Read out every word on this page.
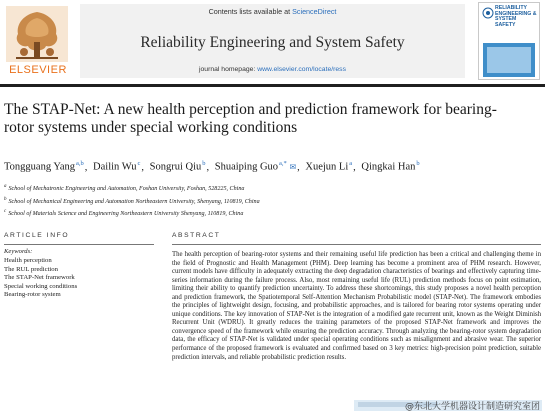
ELSEVIER
Contents lists available at ScienceDirect
Reliability Engineering and System Safety
journal homepage: www.elsevier.com/locate/ress
RELIABILITY ENGINEERING & SYSTEM SAFETY
The STAP-Net: A new health perception and prediction framework for bearing-rotor systems under special working conditions
Tongguang Yang$^{a,b}$, Dailin Wu$^c$, Songrui Qiu$^b$, Shuaiping Guo$^{a,*}$ ✉, Xuejun Li$^a$, Qingkai Han$^b$
$^a$ School of Mechatronic Engineering and Automation, Foshan University, Foshan, 528225, China
$^b$ School of Mechanical Engineering and Automation Northeastern University, Shenyang, 110819, China
$^c$ School of Materials Science and Engineering Northeastern University Shenyang, 110819, China
ARTICLE INFO	ABSTRACT
Keywords:
Health perception
The RUL prediction
The STAP-Net framework
Special working conditions
Bearing-rotor system

The health perception of bearing-rotor systems and their remaining useful life prediction has been a critical and challenging theme in the field of Prognostic and Health Management (PHM). Deep learning has become a prominent area of PHM research. However, current models have difficulty in adequately extracting the deep degradation characteristics of bearings and effectively capturing time-series information during the failure process. Also, most remaining useful life (RUL) prediction methods focus on point estimation, limiting their ability to quantify prediction uncertainty. To address these shortcomings, this study proposes a novel health perception and prediction framework, the Spatiotemporal Self-Attention Mechanism Probabilistic model (STAP-Net). The framework embodies the principles of lightweight design, focusing, and probabilistic approaches, and is tailored for bearing rotor systems operating under unique conditions. The key innovation of STAP-Net is the integration of a modified gate recurrent unit, known as the Weight Diminish Recurrent Unit (WDRU). It greatly reduces the training parameters of the proposed STAP-Net framework and improves the convergence speed of the framework while ensuring the prediction accuracy. Through analyzing the bearing-rotor system degradation data, the efficacy of STAP-Net is validated under special operating conditions such as misalignment and abrasive wear. The superior performance of the proposed framework is evaluated and confirmed based on 3 key metrics: high-precision point prediction, suitable prediction intervals, and reliable probabilistic prediction results.

@东北大学机器设计制造研究室团
